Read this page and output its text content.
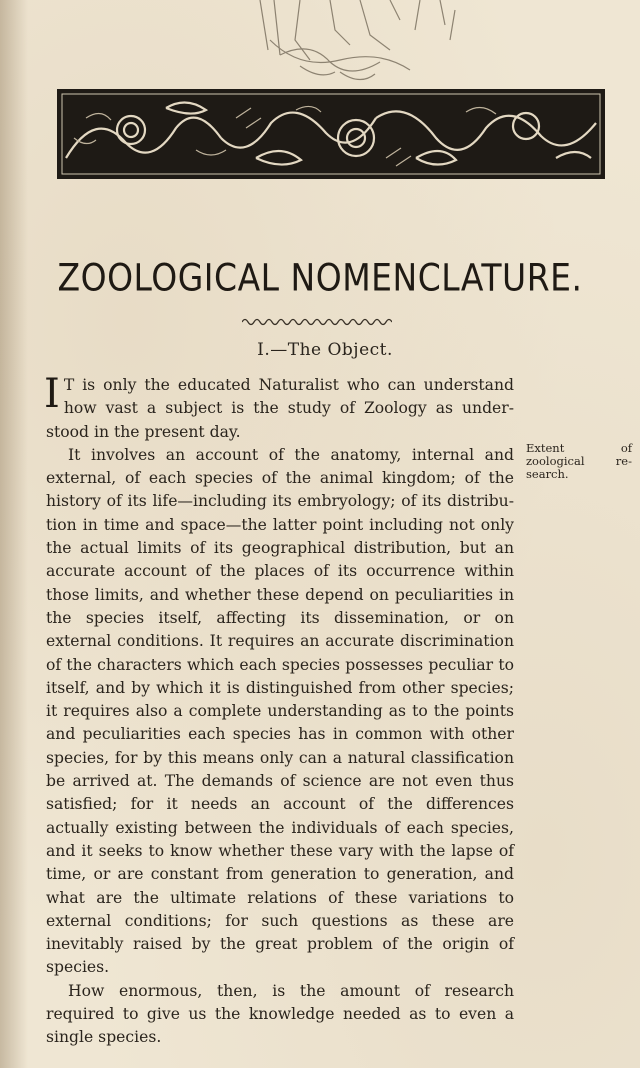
ZOOLOGICAL NOMENCLATURE.
I.—The Object.

I T is only the educated Naturalist who can understand how vast a subject is the study of Zoology as under- stood in the present day.

It involves an account of the anatomy, internal and external, of each species of the animal kingdom; of the history of its life—including its embryology; of its distribu- tion in time and space—the latter point including not only the actual limits of its geographical distribution, but an accurate account of the places of its occurrence within those limits, and whether these depend on peculiarities in the species itself, affecting its dissemination, or on external conditions. It requires an accurate discrimination of the characters which each species possesses peculiar to itself, and by which it is distinguished from other species; it requires also a complete understanding as to the points and peculiarities each species has in common with other species, for by this means only can a natural classification be arrived at. The demands of science are not even thus satisfied; for it needs an account of the differences actually existing between the individuals of each species, and it seeks to know whether these vary with the lapse of time, or are constant from generation to generation, and what are the ultimate relations of these variations to external conditions; for such questions as these are inevitably raised by the great problem of the origin of species.

How enormous, then, is the amount of research required to give us the knowledge needed as to even a single species.

Extent of zoological re- search.
